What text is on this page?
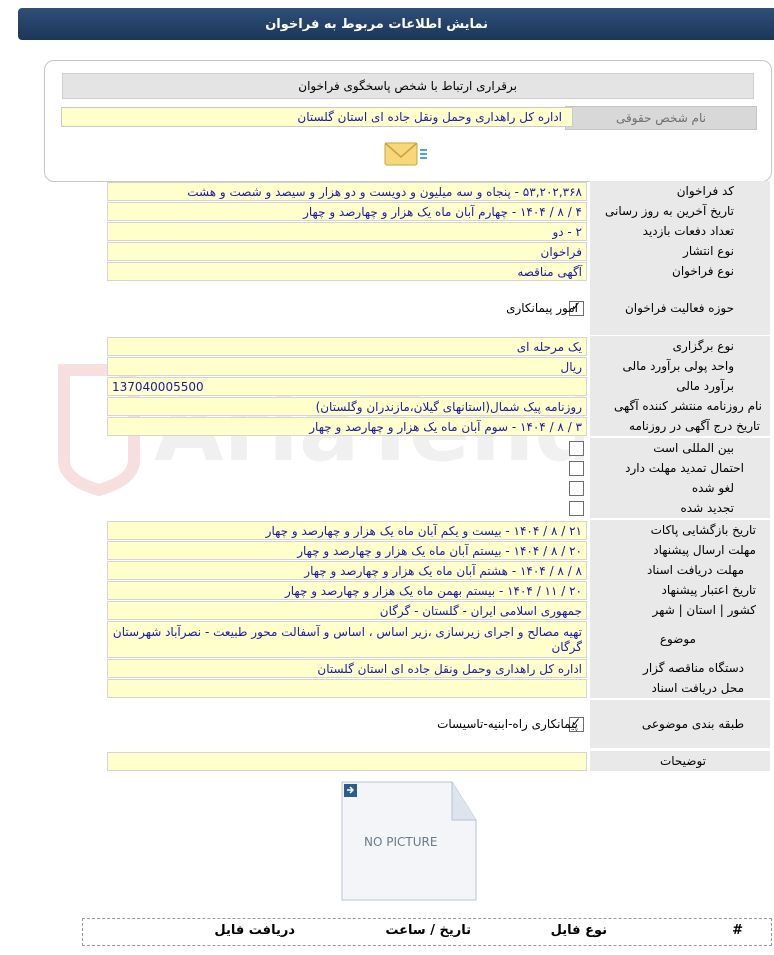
نمایش اطلاعات مربوط به فراخوان
برقراری ارتباط با شخص پاسخگوی فراخوان
نام شخص حقوقی
اداره کل راهداری وحمل ونقل جاده ای استان گلستان
کد فراخوان
۵۳,۲۰۲,۳۶۸ - پنجاه و سه میلیون و دویست و دو هزار و سیصد و شصت و هشت
تاریخ آخرین به روز رسانی
۴ / ۸ / ۱۴۰۴ - چهارم آبان ماه یک هزار و چهارصد و چهار
تعداد دفعات بازدید
۲ - دو
نوع انتشار
فراخوان
نوع فراخوان
آگهی مناقصه
حوزه فعالیت فراخوان
✓
امور پیمانکاری
نوع برگزاری
یک مرحله ای
واحد پولی برآورد مالی
ریال
برآورد مالی
137040005500
نام روزنامه منتشر کننده آگهی
روزنامه پیک شمال(استانهای گیلان،مازندران وگلستان)
تاریخ درج آگهی در روزنامه
۳ / ۸ / ۱۴۰۴ - سوم آبان ماه یک هزار و چهارصد و چهار
بین المللی است
احتمال تمدید مهلت دارد
لغو شده
تجدید شده
تاریخ بازگشایی پاکات
۲۱ / ۸ / ۱۴۰۴ - بیست و یکم آبان ماه یک هزار و چهارصد و چهار
مهلت ارسال پیشنهاد
۲۰ / ۸ / ۱۴۰۴ - بیستم آبان ماه یک هزار و چهارصد و چهار
مهلت دریافت اسناد
۸ / ۸ / ۱۴۰۴ - هشتم آبان ماه یک هزار و چهارصد و چهار
تاریخ اعتبار پیشنهاد
۲۰ / ۱۱ / ۱۴۰۴ - بیستم بهمن ماه یک هزار و چهارصد و چهار
کشور | استان | شهر
جمهوری اسلامی ایران - گلستان - گرگان
موضوع
تهیه مصالح و اجرای زیرسازی ،زیر اساس ، اساس و آسفالت محور طبیعت - نصرآباد شهرستان گرگان
دستگاه مناقصه گزار
اداره کل راهداری وحمل ونقل جاده ای استان گلستان
محل دریافت اسناد
طبقه بندی موضوعی
✓
پیمانکاری راه-ابنیه-تاسیسات
توضیحات
NO PICTURE
#
نوع فایل
تاریخ / ساعت
دریافت فایل
